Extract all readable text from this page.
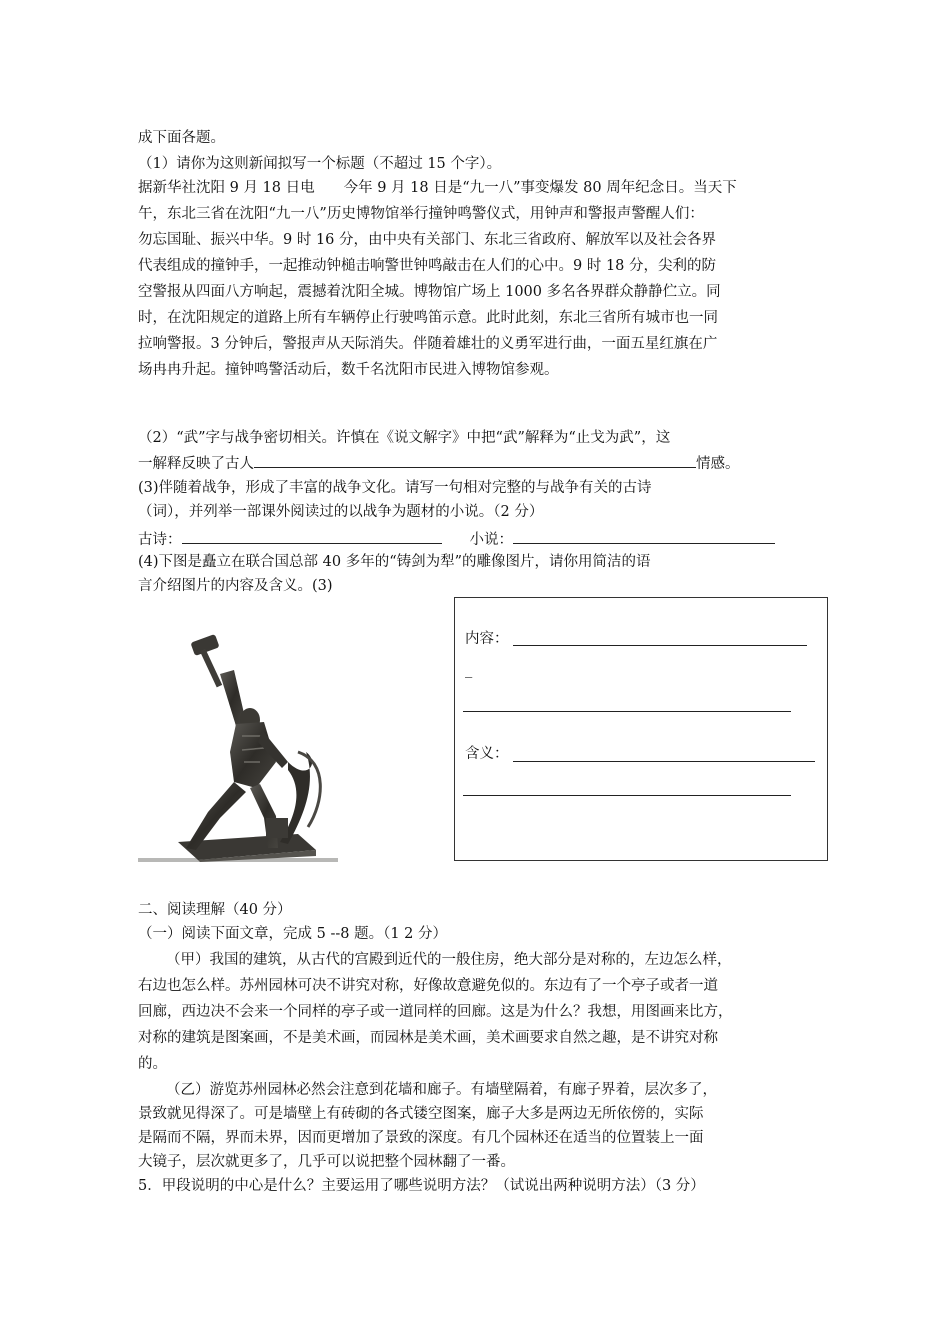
成下面各题。
（1）请你为这则新闻拟写一个标题（不超过 15 个字）。
据新华社沈阳 9 月 18 日电　　今年 9 月 18 日是“九一八”事变爆发 80 周年纪念日。当天下
午，东北三省在沈阳“九一八”历史博物馆举行撞钟鸣警仪式，用钟声和警报声警醒人们：
勿忘国耻、振兴中华。9 时 16 分，由中央有关部门、东北三省政府、解放军以及社会各界
代表组成的撞钟手，一起推动钟槌击响警世钟鸣敲击在人们的心中。9 时 18 分，尖利的防
空警报从四面八方响起，震撼着沈阳全城。博物馆广场上 1000 多名各界群众静静伫立。同
时，在沈阳规定的道路上所有车辆停止行驶鸣笛示意。此时此刻，东北三省所有城市也一同
拉响警报。3 分钟后，警报声从天际消失。伴随着雄壮的义勇军进行曲，一面五星红旗在广
场冉冉升起。撞钟鸣警活动后，数千名沈阳市民进入博物馆参观。
（2）“武”字与战争密切相关。许慎在《说文解字》中把“武”解释为“止戈为武”，这
一解释反映了古人	情感。
(3)伴随着战争，形成了丰富的战争文化。请写一句相对完整的与战争有关的古诗
（词），并列举一部课外阅读过的以战争为题材的小说。（2 分）
古诗：	小说：
(4)下图是矗立在联合国总部 40 多年的“铸剑为犁”的雕像图片，请你用简洁的语
言介绍图片的内容及含义。(3)
内容：
_
含义：
二、阅读理解（40 分）
（一）阅读下面文章，完成 5 --8 题。（1 2 分）
（甲）我国的建筑，从古代的宫殿到近代的一般住房，绝大部分是对称的，左边怎么样，
右边也怎么样。苏州园林可决不讲究对称，好像故意避免似的。东边有了一个亭子或者一道
回廊，西边决不会来一个同样的亭子或一道同样的回廊。这是为什么？我想，用图画来比方，
对称的建筑是图案画，不是美术画，而园林是美术画，美术画要求自然之趣，是不讲究对称
的。
（乙）游览苏州园林必然会注意到花墙和廊子。有墙壁隔着，有廊子界着，层次多了，
景致就见得深了。可是墙壁上有砖砌的各式镂空图案，廊子大多是两边无所依傍的，实际
是隔而不隔，界而未界，因而更增加了景致的深度。有几个园林还在适当的位置装上一面
大镜子，层次就更多了，几乎可以说把整个园林翻了一番。
5．甲段说明的中心是什么？主要运用了哪些说明方法？（试说出两种说明方法）（3 分）
